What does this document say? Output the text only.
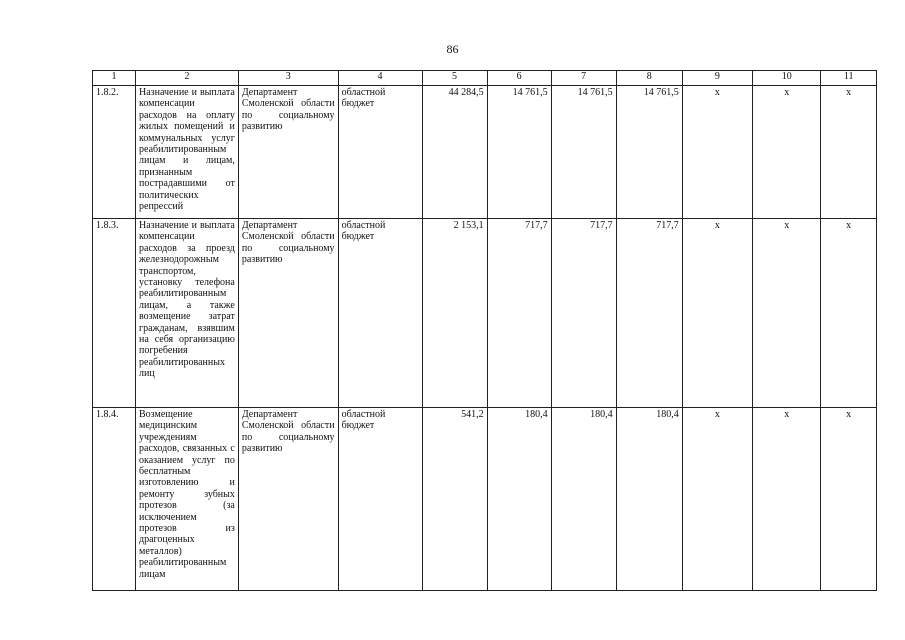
86
1	2	3	4	5	6	7	8	9	10	11
1.8.2.	Назначение и выплата компенсации расходов на оплату жилых помещений и коммунальных услуг реабилитированным лицам и лицам, признанным пострадавшими от политических репрессий	Департамент Смоленской области по социальному развитию	областной бюджет	44 284,5	14 761,5	14 761,5	14 761,5	х	х	х
1.8.3.	Назначение и выплата компенсации расходов за проезд железнодорожным транспортом, установку телефона реабилитированным лицам, а также возмещение затрат гражданам, взявшим на себя организацию погребения реабилитированных лиц	Департамент Смоленской области по социальному развитию	областной бюджет	2 153,1	717,7	717,7	717,7	х	х	х
1.8.4.	Возмещение медицинским учреждениям расходов, связанных с оказанием услуг по бесплатным изготовлению и ремонту зубных протезов (за исключением протезов из драгоценных металлов) реабилитированным лицам	Департамент Смоленской области по социальному развитию	областной бюджет	541,2	180,4	180,4	180,4	х	х	х
